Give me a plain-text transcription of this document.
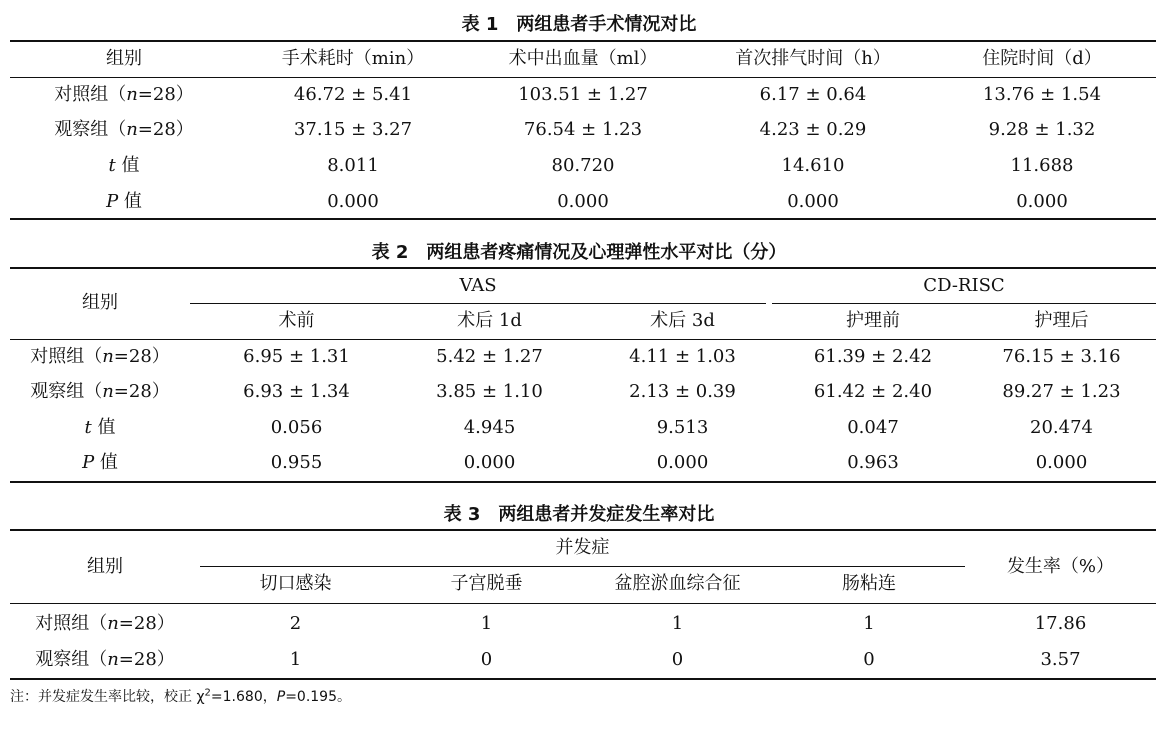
表 1　两组患者手术情况对比
组别	手术耗时（min）	术中出血量（ml）	首次排气时间（h）	住院时间（d）
对照组（n=28）	46.72 ± 5.41	103.51 ± 1.27	6.17 ± 0.64	13.76 ± 1.54
观察组（n=28）	37.15 ± 3.27	76.54 ± 1.23	4.23 ± 0.29	9.28 ± 1.32
t 值	8.011	80.720	14.610	11.688
P 值	0.000	0.000	0.000	0.000
表 2　两组患者疼痛情况及心理弹性水平对比（分）
组别
VAS	CD-RISC
术前	术后 1d	术后 3d	护理前	护理后
对照组（n=28）	6.95 ± 1.31	5.42 ± 1.27	4.11 ± 1.03	61.39 ± 2.42	76.15 ± 3.16
观察组（n=28）	6.93 ± 1.34	3.85 ± 1.10	2.13 ± 0.39	61.42 ± 2.40	89.27 ± 1.23
t 值	0.056	4.945	9.513	0.047	20.474
P 值	0.955	0.000	0.000	0.963	0.000
表 3　两组患者并发症发生率对比
组别
并发症
发生率（%）
切口感染	子宫脱垂	盆腔淤血综合征	肠粘连
对照组（n=28）	2	1	1	1	17.86
观察组（n=28）	1	0	0	0	3.57
注：并发症发生率比较，校正 $\chi^2=1.680$，P=0.195。
